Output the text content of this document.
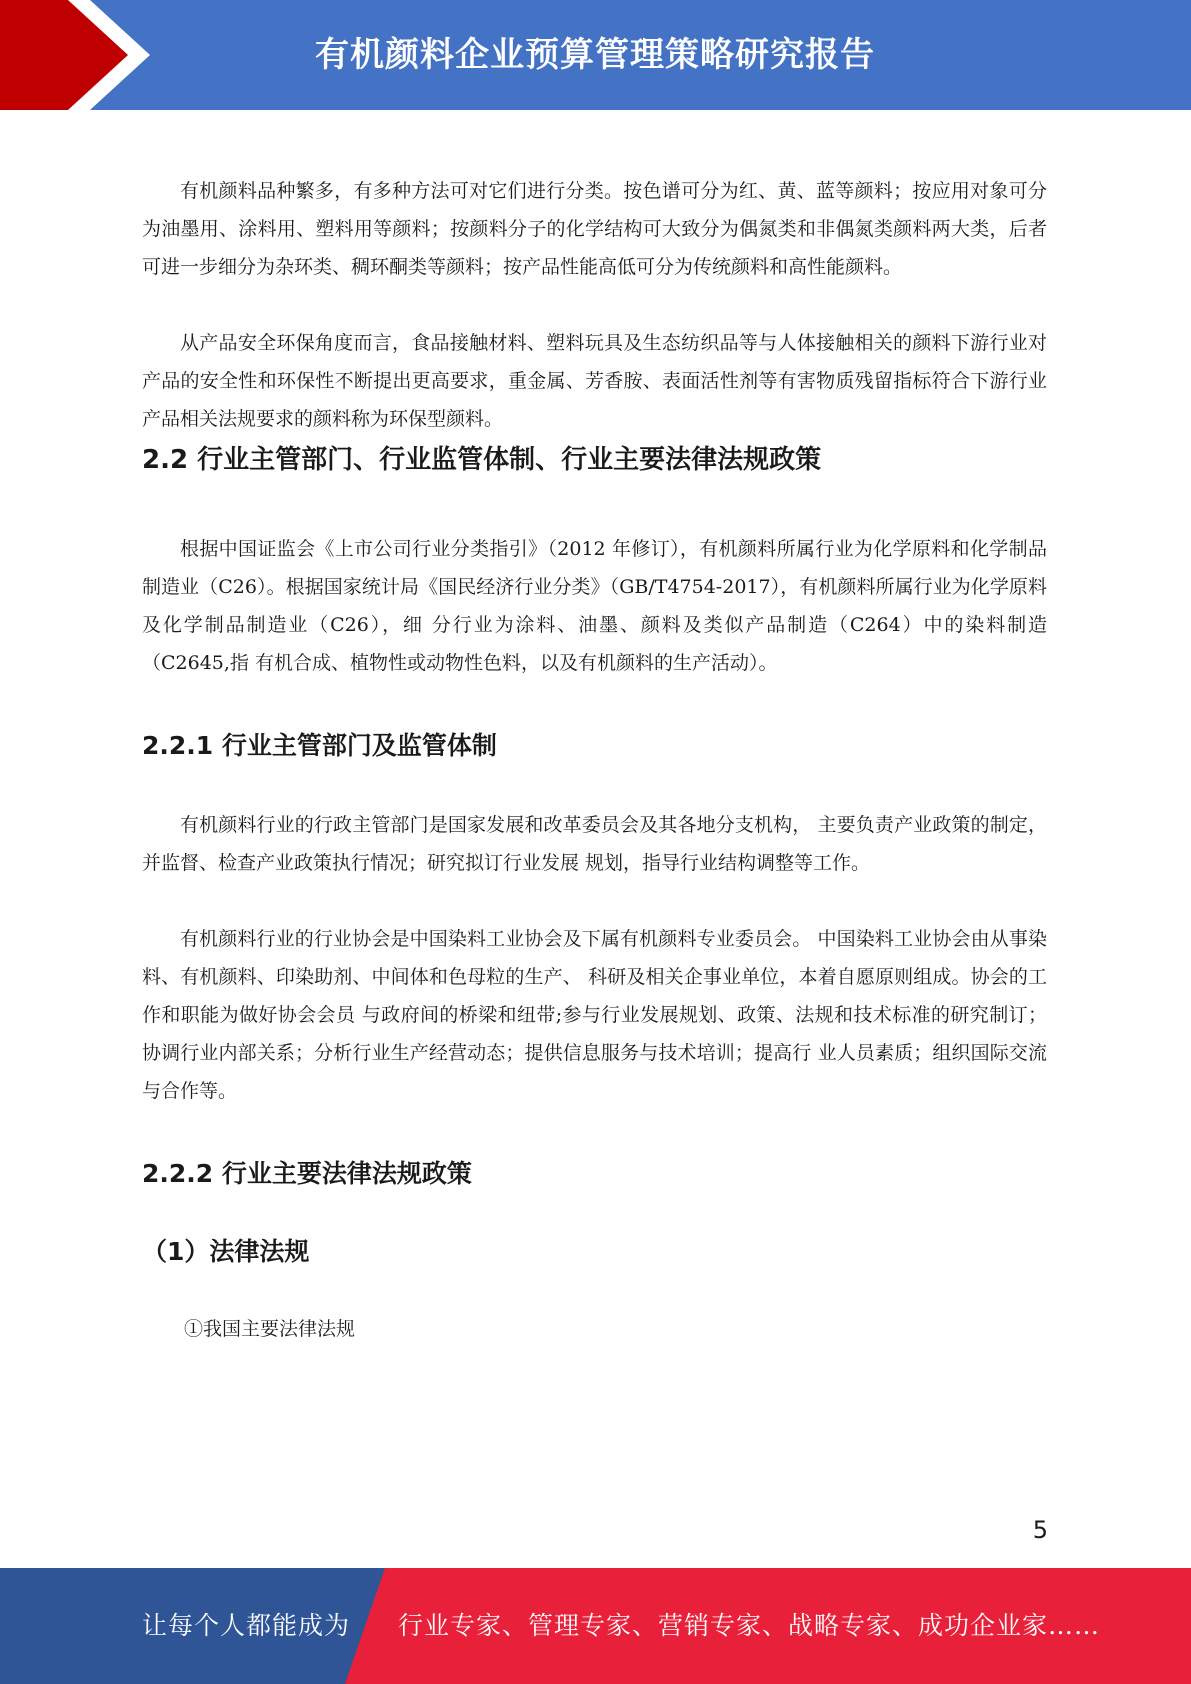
有机颜料企业预算管理策略研究报告

有机颜料品种繁多，有多种方法可对它们进行分类。按色谱可分为红、黄、蓝等颜料；按应用对象可分为油墨用、涂料用、塑料用等颜料；按颜料分子的化学结构可大致分为偶氮类和非偶氮类颜料两大类，后者可进一步细分为杂环类、稠环酮类等颜料；按产品性能高低可分为传统颜料和高性能颜料。

从产品安全环保角度而言，食品接触材料、塑料玩具及生态纺织品等与人体接触相关的颜料下游行业对产品的安全性和环保性不断提出更高要求，重金属、芳香胺、表面活性剂等有害物质残留指标符合下游行业产品相关法规要求的颜料称为环保型颜料。

2.2 行业主管部门、行业监管体制、行业主要法律法规政策

根据中国证监会《上市公司行业分类指引》（2012 年修订），有机颜料所属行业为化学原料和化学制品制造业（C26）。根据国家统计局《国民经济行业分类》（GB/T4754-2017），有机颜料所属行业为化学原料及化学制品制造业（C26），细 分行业为涂料、油墨、颜料及类似产品制造（C264）中的染料制造（C2645,指 有机合成、植物性或动物性色料，以及有机颜料的生产活动）。

2.2.1 行业主管部门及监管体制

有机颜料行业的行政主管部门是国家发展和改革委员会及其各地分支机构， 主要负责产业政策的制定，并监督、检查产业政策执行情况；研究拟订行业发展 规划，指导行业结构调整等工作。

有机颜料行业的行业协会是中国染料工业协会及下属有机颜料专业委员会。 中国染料工业协会由从事染料、有机颜料、印染助剂、中间体和色母粒的生产、 科研及相关企事业单位，本着自愿原则组成。协会的工作和职能为做好协会会员 与政府间的桥梁和纽带;参与行业发展规划、政策、法规和技术标准的研究制订； 协调行业内部关系；分析行业生产经营动态；提供信息服务与技术培训；提高行 业人员素质；组织国际交流与合作等。

2.2.2 行业主要法律法规政策
（1）法律法规

①我国主要法律法规

5
让每个人都能成为 行业专家、管理专家、营销专家、战略专家、成功企业家……
